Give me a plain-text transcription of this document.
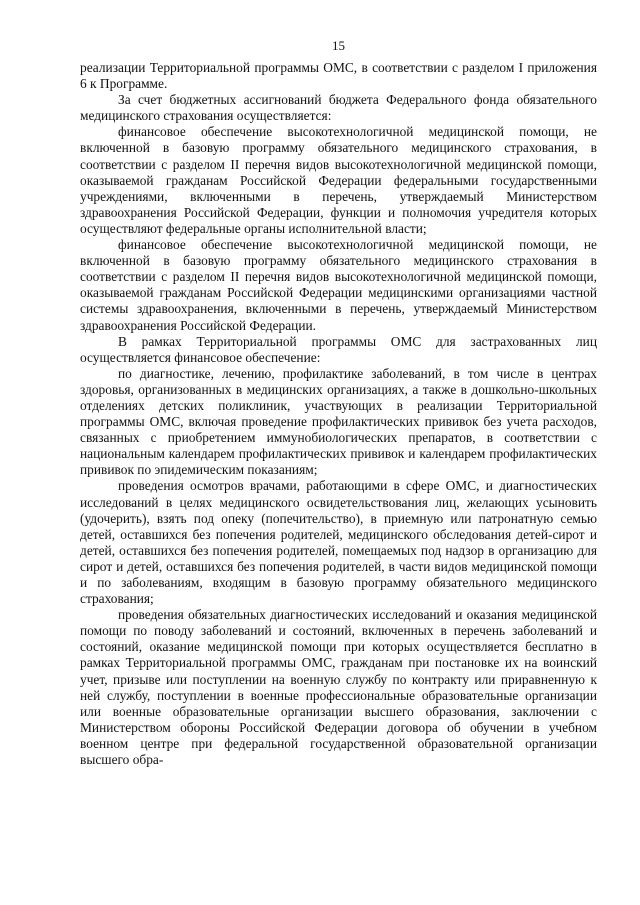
15

реализации Территориальной программы ОМС, в соответствии с разделом I приложения 6 к Программе.

За счет бюджетных ассигнований бюджета Федерального фонда обязательного медицинского страхования осуществляется:

финансовое обеспечение высокотехнологичной медицинской помощи, не включенной в базовую программу обязательного медицинского страхования, в соответствии с разделом II перечня видов высокотехнологичной медицинской помощи, оказываемой гражданам Российской Федерации федеральными государственными учреждениями, включенными в перечень, утверждаемый Министерством здравоохранения Российской Федерации, функции и полномочия учредителя которых осуществляют федеральные органы исполнительной власти;

финансовое обеспечение высокотехнологичной медицинской помощи, не включенной в базовую программу обязательного медицинского страхования в соответствии с разделом II перечня видов высокотехнологичной медицинской помощи, оказываемой гражданам Российской Федерации медицинскими организациями частной системы здравоохранения, включенными в перечень, утверждаемый Министерством здравоохранения Российской Федерации.

В рамках Территориальной программы ОМС для застрахованных лиц осуществляется финансовое обеспечение:

по диагностике, лечению, профилактике заболеваний, в том числе в центрах здоровья, организованных в медицинских организациях, а также в дошкольно-школьных отделениях детских поликлиник, участвующих в реализации Территориальной программы ОМС, включая проведение профилактических прививок без учета расходов, связанных с приобретением иммунобиологических препаратов, в соответствии с национальным календарем профилактических прививок и календарем профилактических прививок по эпидемическим показаниям;

проведения осмотров врачами, работающими в сфере ОМС, и диагностических исследований в целях медицинского освидетельствования лиц, желающих усыновить (удочерить), взять под опеку (попечительство), в приемную или патронатную семью детей, оставшихся без попечения родителей, медицинского обследования детей-сирот и детей, оставшихся без попечения родителей, помещаемых под надзор в организацию для сирот и детей, оставшихся без попечения родителей, в части видов медицинской помощи и по заболеваниям, входящим в базовую программу обязательного медицинского страхования;

проведения обязательных диагностических исследований и оказания медицинской помощи по поводу заболеваний и состояний, включенных в перечень заболеваний и состояний, оказание медицинской помощи при которых осуществляется бесплатно в рамках Территориальной программы ОМС, гражданам при постановке их на воинский учет, призыве или поступлении на военную службу по контракту или приравненную к ней службу, поступлении в военные профессиональные образовательные организации или военные образовательные организации высшего образования, заключении с Министерством обороны Российской Федерации договора об обучении в учебном военном центре при федеральной государственной образовательной организации высшего обра-
